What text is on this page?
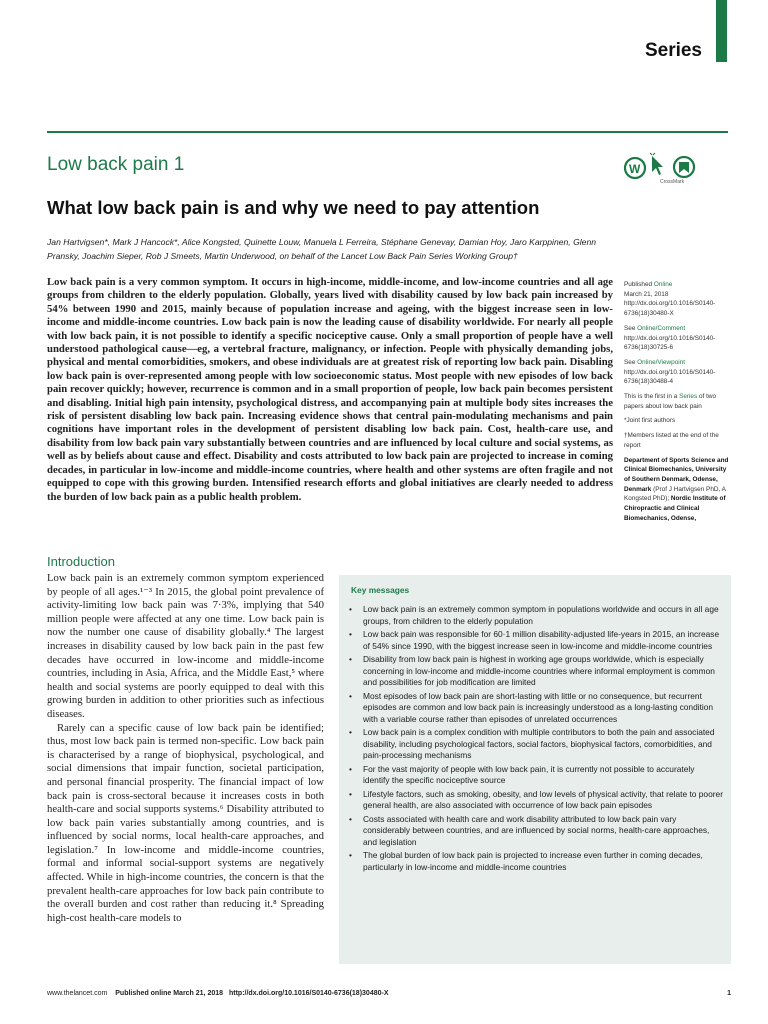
Series
Low back pain 1
What low back pain is and why we need to pay attention
W
CrossMark
Jan Hartvigsen*, Mark J Hancock*, Alice Kongsted, Quinette Louw, Manuela L Ferreira, Stéphane Genevay, Damian Hoy, Jaro Karppinen, Glenn Pransky, Joachim Sieper, Rob J Smeets, Martin Underwood, on behalf of the Lancet Low Back Pain Series Working Group†
Low back pain is a very common symptom. It occurs in high-income, middle-income, and low-income countries and all age groups from children to the elderly population. Globally, years lived with disability caused by low back pain increased by 54% between 1990 and 2015, mainly because of population increase and ageing, with the biggest increase seen in low-income and middle-income countries. Low back pain is now the leading cause of disability worldwide. For nearly all people with low back pain, it is not possible to identify a specific nociceptive cause. Only a small proportion of people have a well understood pathological cause—eg, a vertebral fracture, malignancy, or infection. People with physically demanding jobs, physical and mental comorbidities, smokers, and obese individuals are at greatest risk of reporting low back pain. Disabling low back pain is over-represented among people with low socioeconomic status. Most people with new episodes of low back pain recover quickly; however, recurrence is common and in a small proportion of people, low back pain becomes persistent and disabling. Initial high pain intensity, psychological distress, and accompanying pain at multiple body sites increases the risk of persistent disabling low back pain. Increasing evidence shows that central pain-modulating mechanisms and pain cognitions have important roles in the development of persistent disabling low back pain. Cost, health-care use, and disability from low back pain vary substantially between countries and are influenced by local culture and social systems, as well as by beliefs about cause and effect. Disability and costs attributed to low back pain are projected to increase in coming decades, in particular in low-income and middle-income countries, where health and other systems are often fragile and not equipped to cope with this growing burden. Intensified research efforts and global initiatives are clearly needed to address the burden of low back pain as a public health problem.
Published Online
March 21, 2018
http://dx.doi.org/10.1016/S0140-6736(18)30480-X
See Online/Comment
http://dx.doi.org/10.1016/S0140-6736(18)30725-6
See Online/Viewpoint
http://dx.doi.org/10.1016/S0140-6736(18)30488-4
This is the first in a Series of two papers about low back pain
*Joint first authors
†Members listed at the end of the report
Department of Sports Science and Clinical Biomechanics, University of Southern Denmark, Odense, Denmark (Prof J Hartvigsen PhD, A Kongsted PhD); Nordic Institute of Chiropractic and Clinical Biomechanics, Odense,
Introduction

Low back pain is an extremely common symptom experienced by people of all ages.¹⁻³ In 2015, the global point prevalence of activity-limiting low back pain was 7·3%, implying that 540 million people were affected at any one time. Low back pain is now the number one cause of disability globally.⁴ The largest increases in disability caused by low back pain in the past few decades have occurred in low-income and middle-income countries, including in Asia, Africa, and the Middle East,⁵ where health and social systems are poorly equipped to deal with this growing burden in addition to other priorities such as infectious diseases.

Rarely can a specific cause of low back pain be identified; thus, most low back pain is termed non-specific. Low back pain is characterised by a range of biophysical, psychological, and social dimensions that impair function, societal participation, and personal financial prosperity. The financial impact of low back pain is cross-sectoral because it increases costs in both health-care and social supports systems.⁶ Disability attributed to low back pain varies substantially among countries, and is influenced by social norms, local health-care approaches, and legislation.⁷ In low-income and middle-income countries, formal and informal social-support systems are negatively affected. While in high-income countries, the concern is that the prevalent health-care approaches for low back pain contribute to the overall burden and cost rather than reducing it.⁸ Spreading high-cost health-care models to

Key messages
• Low back pain is an extremely common symptom in populations worldwide and occurs in all age groups, from children to the elderly population
• Low back pain was responsible for 60·1 million disability-adjusted life-years in 2015, an increase of 54% since 1990, with the biggest increase seen in low-income and middle-income countries
• Disability from low back pain is highest in working age groups worldwide, which is especially concerning in low-income and middle-income countries where informal employment is common and possibilities for job modification are limited
• Most episodes of low back pain are short-lasting with little or no consequence, but recurrent episodes are common and low back pain is increasingly understood as a long-lasting condition with a variable course rather than episodes of unrelated occurrences
• Low back pain is a complex condition with multiple contributors to both the pain and associated disability, including psychological factors, social factors, biophysical factors, comorbidities, and pain-processing mechanisms
• For the vast majority of people with low back pain, it is currently not possible to accurately identify the specific nociceptive source
• Lifestyle factors, such as smoking, obesity, and low levels of physical activity, that relate to poorer general health, are also associated with occurrence of low back pain episodes
• Costs associated with health care and work disability attributed to low back pain vary considerably between countries, and are influenced by social norms, health-care approaches, and legislation
• The global burden of low back pain is projected to increase even further in coming decades, particularly in low-income and middle-income countries
www.thelancet.com Published online March 21, 2018 http://dx.doi.org/10.1016/S0140-6736(18)30480-X	1
